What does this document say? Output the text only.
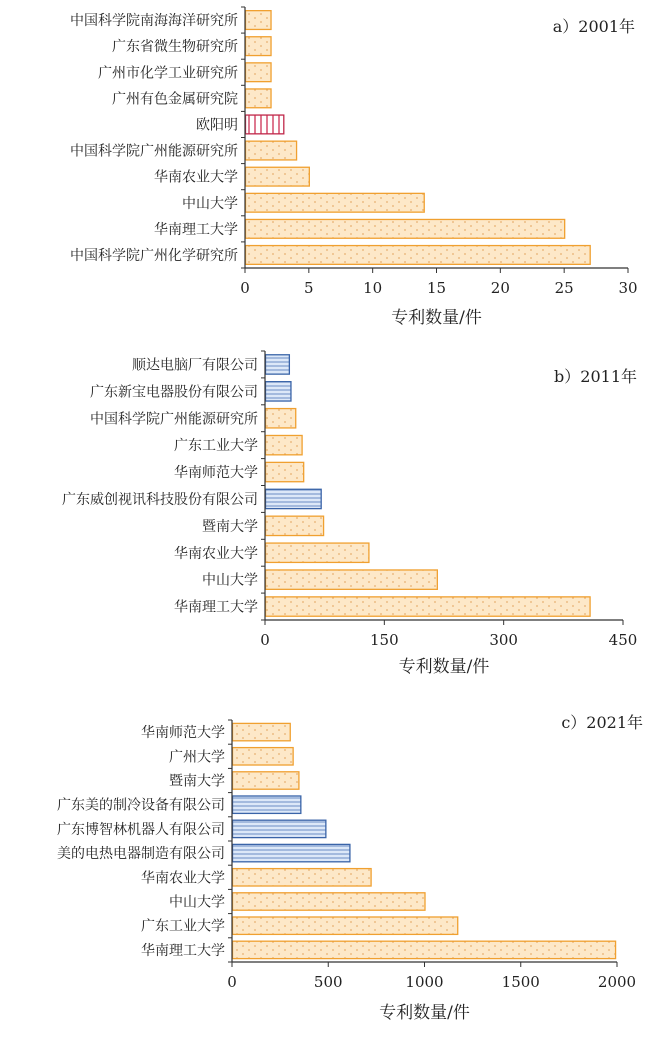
中国科学院南海海洋研究所
广东省微生物研究所
广州市化学工业研究所
广州有色金属研究院
欧阳明
中国科学院广州能源研究所
华南农业大学
中山大学
华南理工大学
中国科学院广州化学研究所
0	5	10	15	20	25	30
专利数量/件
a）2001年
顺达电脑厂有限公司
广东新宝电器股份有限公司
中国科学院广州能源研究所
广东工业大学
华南师范大学
广东威创视讯科技股份有限公司
暨南大学
华南农业大学
中山大学
华南理工大学
0	150	300	450
专利数量/件
b）2011年
华南师范大学
广州大学
暨南大学
广东美的制冷设备有限公司
广东博智林机器人有限公司
美的电热电器制造有限公司
华南农业大学
中山大学
广东工业大学
华南理工大学
0	500	1000	1500	2000
专利数量/件
c）2021年
